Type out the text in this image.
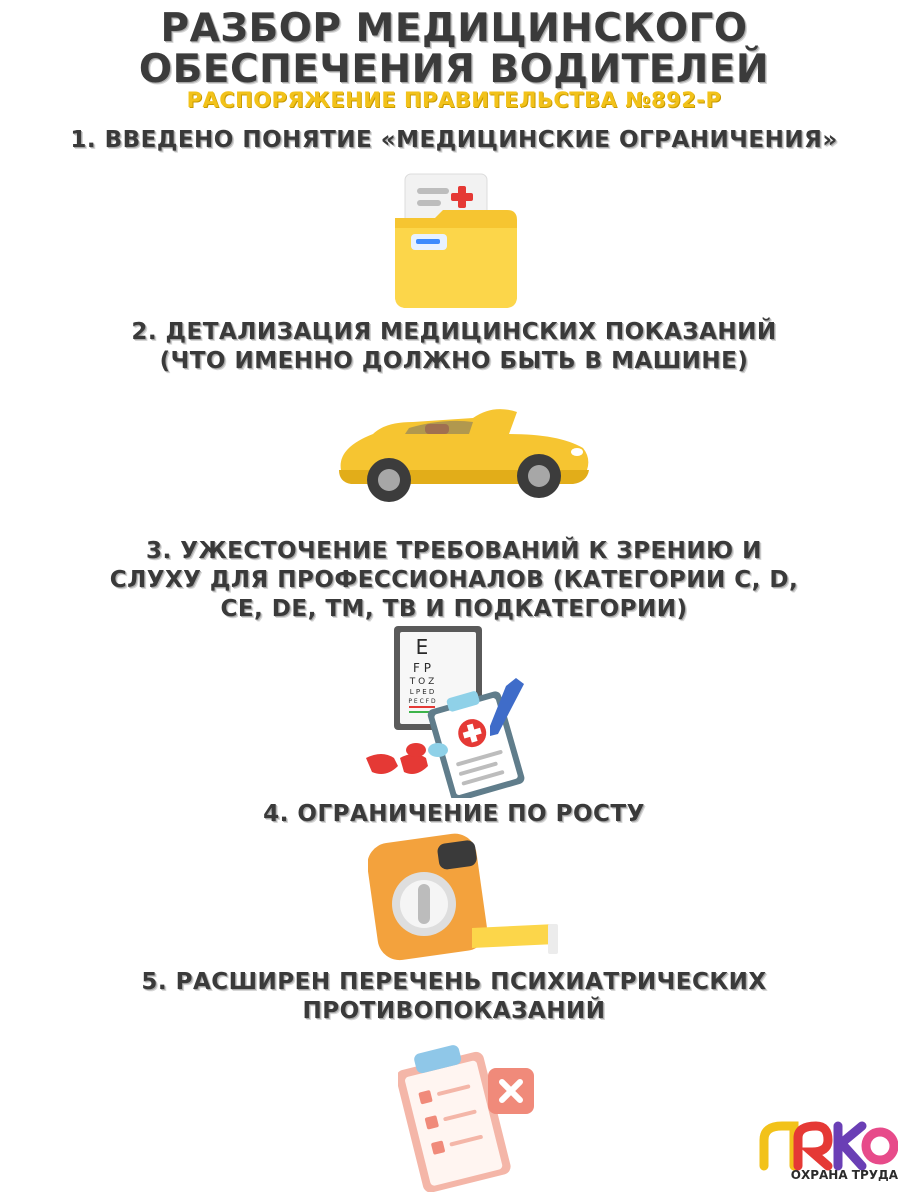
РАЗБОР МЕДИЦИНСКОГО
ОБЕСПЕЧЕНИЯ ВОДИТЕЛЕЙ
РАСПОРЯЖЕНИЕ ПРАВИТЕЛЬСТВА №892-Р
1. ВВЕДЕНО ПОНЯТИЕ «МЕДИЦИНСКИЕ ОГРАНИЧЕНИЯ»
2. ДЕТАЛИЗАЦИЯ МЕДИЦИНСКИХ ПОКАЗАНИЙ
(ЧТО ИМЕННО ДОЛЖНО БЫТЬ В МАШИНЕ)
3. УЖЕСТОЧЕНИЕ ТРЕБОВАНИЙ К ЗРЕНИЮ И
СЛУХУ ДЛЯ ПРОФЕССИОНАЛОВ (КАТЕГОРИИ C, D,
CE, DE, TM, TB И ПОДКАТЕГОРИИ)
E
F P
T O Z
L P E D
P E C F D
4. ОГРАНИЧЕНИЕ ПО РОСТУ
5. РАСШИРЕН ПЕРЕЧЕНЬ ПСИХИАТРИЧЕСКИХ
ПРОТИВОПОКАЗАНИЙ
ОХРАНА ТРУДА
